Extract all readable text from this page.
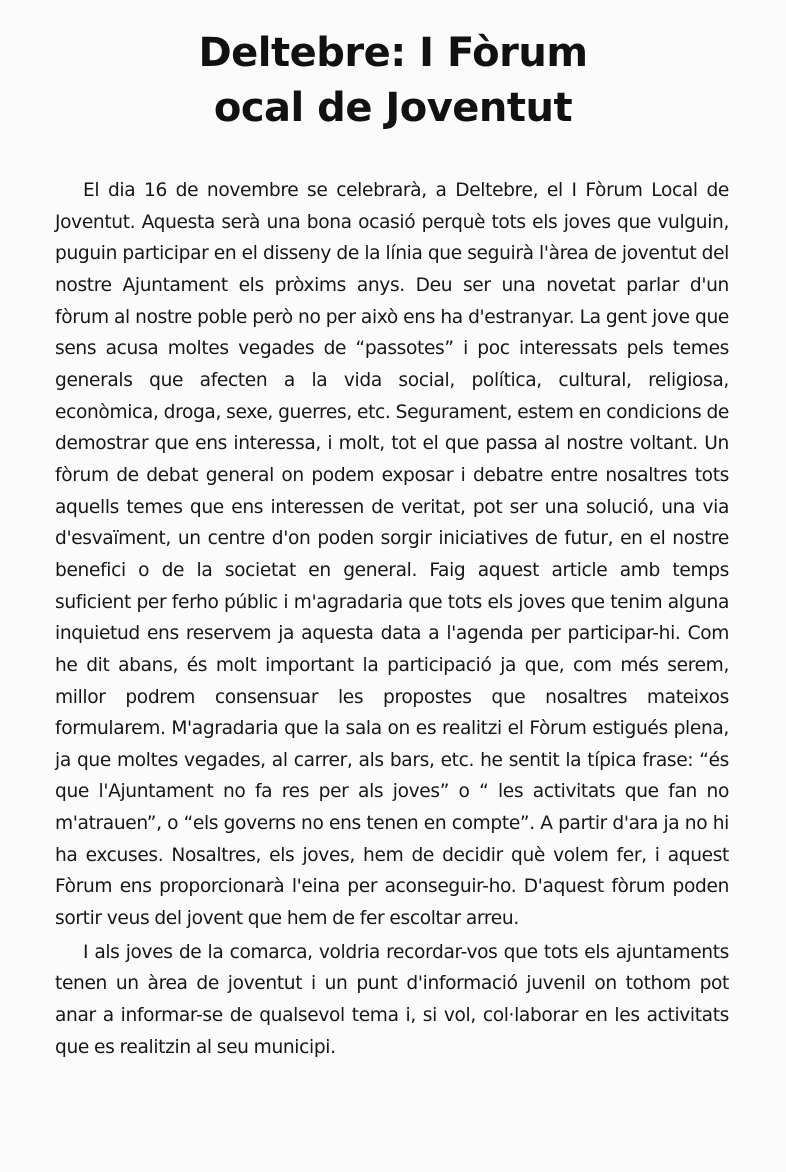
Deltebre: I Fòrum
ocal de Joventut

El dia 16 de novembre se celebrarà, a Deltebre, el I Fòrum Local de Joventut. Aquesta serà una bona ocasió perquè tots els joves que vulguin, puguin participar en el disseny de la línia que seguirà l'àrea de joventut del nostre Ajuntament els pròxims anys. Deu ser una novetat parlar d'un fòrum al nostre poble però no per això ens ha d'estranyar. La gent jove que sens acusa moltes vegades de “passotes” i poc interessats pels temes generals que afecten a la vida social, política, cultural, religiosa, econòmica, droga, sexe, guerres, etc. Segurament, estem en condicions de demostrar que ens interessa, i molt, tot el que passa al nostre voltant. Un fòrum de debat general on podem exposar i debatre entre nosaltres tots aquells temes que ens interessen de veritat, pot ser una solució, una via d'esvaïment, un centre d'on poden sorgir iniciatives de futur, en el nostre benefici o de la societat en general. Faig aquest article amb temps suficient per ferho públic i m'agradaria que tots els joves que tenim alguna inquietud ens reservem ja aquesta data a l'agenda per participar-hi. Com he dit abans, és molt important la participació ja que, com més serem, millor podrem consensuar les propostes que nosaltres mateixos formularem. M'agradaria que la sala on es realitzi el Fòrum estigués plena, ja que moltes vegades, al carrer, als bars, etc. he sentit la típica frase: “és que l'Ajuntament no fa res per als joves” o “ les activitats que fan no m'atrauen”, o “els governs no ens tenen en compte”. A partir d'ara ja no hi ha excuses. Nosaltres, els joves, hem de decidir què volem fer, i aquest Fòrum ens proporcionarà l'eina per aconseguir-ho. D'aquest fòrum poden sortir veus del jovent que hem de fer escoltar arreu.

I als joves de la comarca, voldria recordar-vos que tots els ajuntaments tenen un àrea de joventut i un punt d'informació juvenil on tothom pot anar a informar-se de qualsevol tema i, si vol, col·laborar en les activitats que es realitzin al seu municipi.
